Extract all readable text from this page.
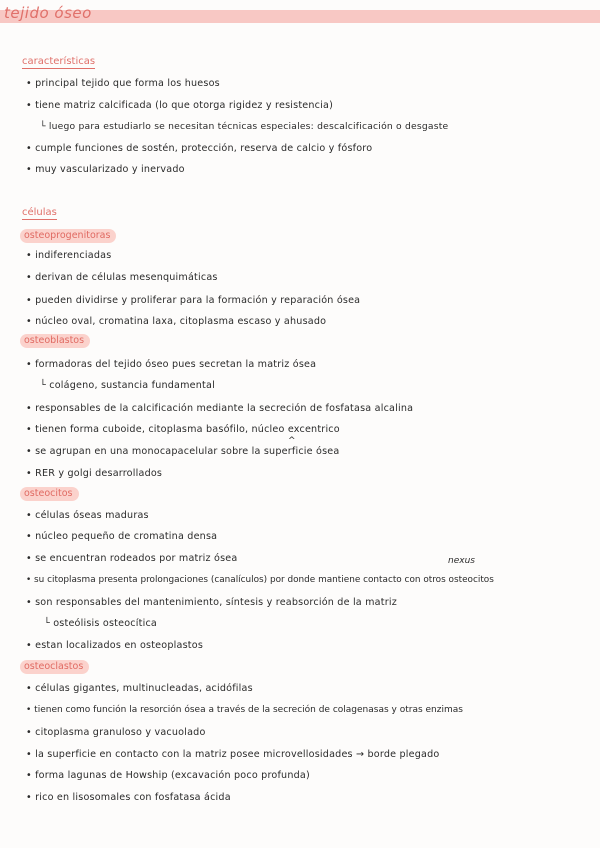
tejido óseo
características
• principal tejido que forma los huesos
• tiene matriz calcificada (lo que otorga rigidez y resistencia)
└ luego para estudiarlo se necesitan técnicas especiales: descalcificación o desgaste
• cumple funciones de sostén, protección, reserva de calcio y fósforo
• muy vascularizado y inervado
células
osteoprogenitoras
• indiferenciadas
• derivan de células mesenquimáticas
• pueden dividirse y proliferar para la formación y reparación ósea
• núcleo oval, cromatina laxa, citoplasma escaso y ahusado
osteoblastos
• formadoras del tejido óseo pues secretan la matriz ósea
└ colágeno, sustancia fundamental
• responsables de la calcificación mediante la secreción de fosfatasa alcalina
^
• tienen forma cuboide, citoplasma basófilo, núcleo excentrico
• se agrupan en una monocapacelular sobre la superficie ósea
• RER y golgi desarrollados
osteocitos
• células óseas maduras
• núcleo pequeño de cromatina densa
• se encuentran rodeados por matriz ósea	nexus
• su citoplasma presenta prolongaciones (canalículos) por donde mantiene contacto con otros osteocitos
• son responsables del mantenimiento, síntesis y reabsorción de la matriz
└ osteólisis osteocítica
• estan localizados en osteoplastos
osteoclastos
• células gigantes, multinucleadas, acidófilas
• tienen como función la resorción ósea a través de la secreción de colagenasas y otras enzimas
• citoplasma granuloso y vacuolado
• la superficie en contacto con la matriz posee microvellosidades → borde plegado
• forma lagunas de Howship (excavación poco profunda)
• rico en lisosomales con fosfatasa ácida
